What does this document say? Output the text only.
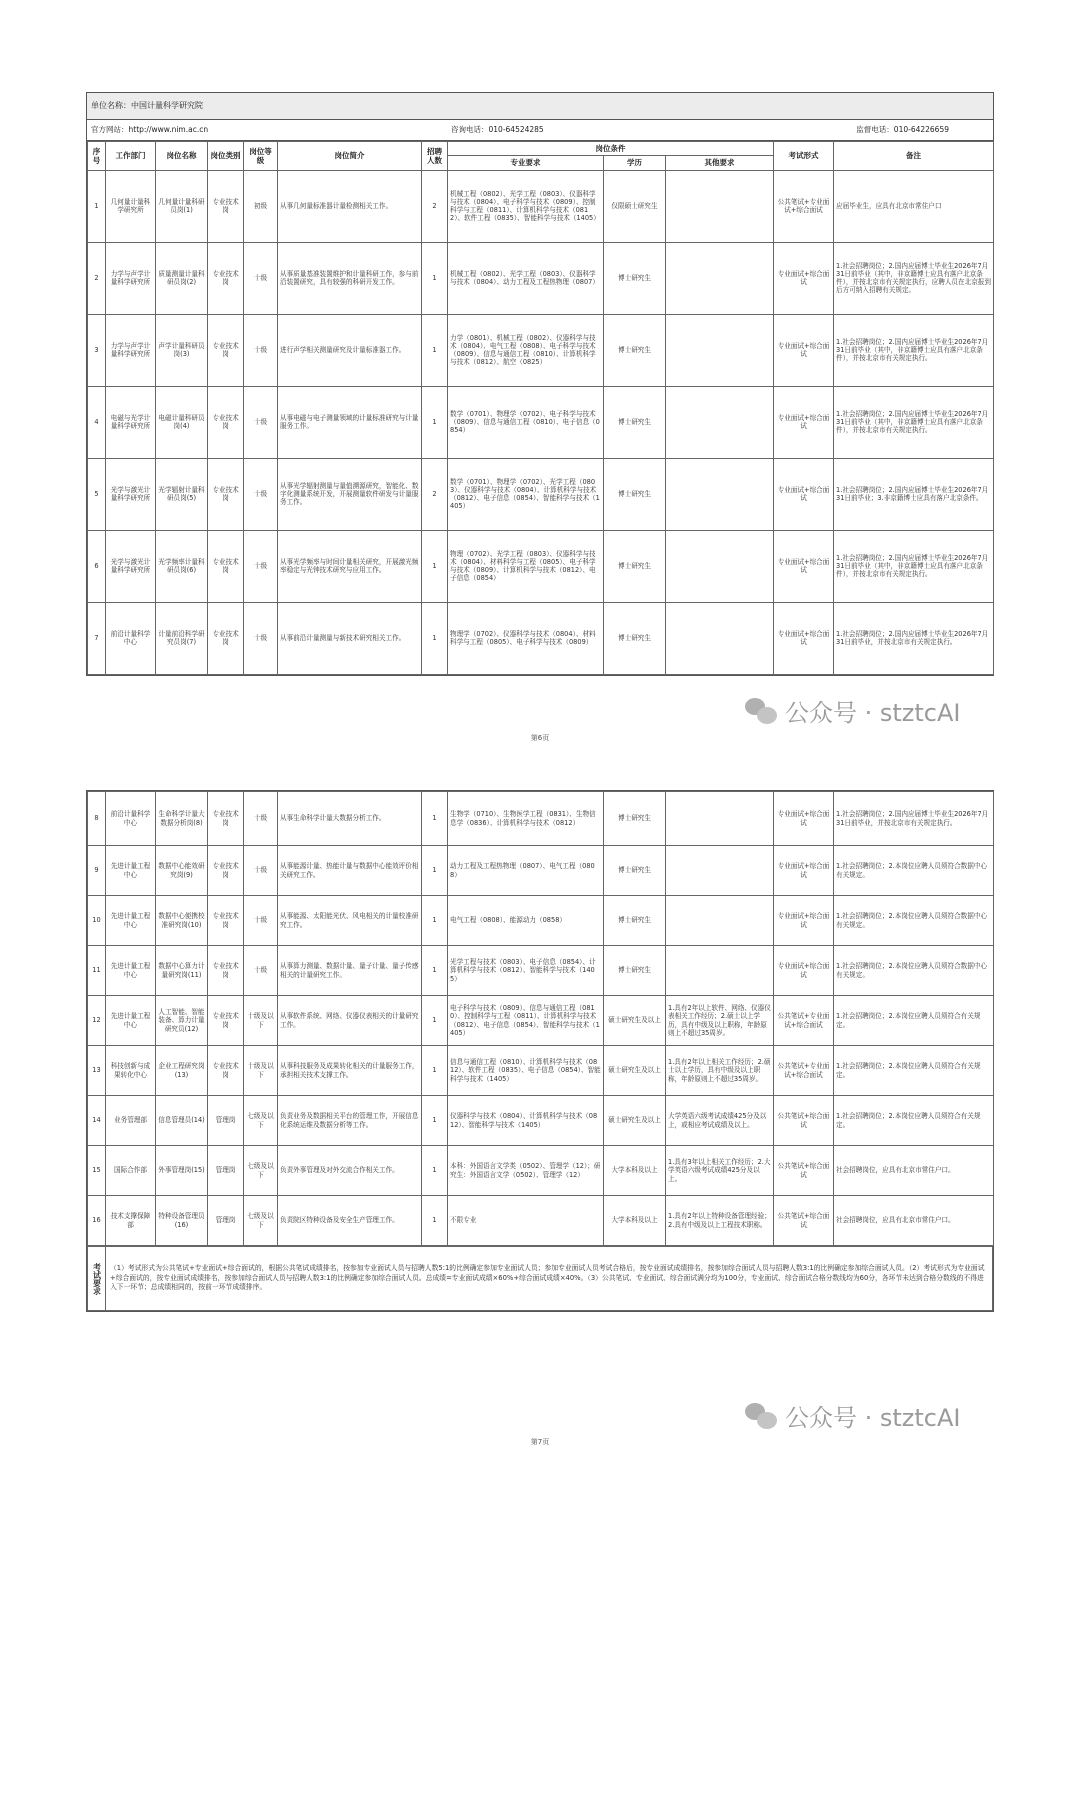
单位名称：中国计量科学研究院
官方网站：http://www.nim.ac.cn	咨询电话：010-64524285	监督电话：010-64226659
序号	工作部门	岗位名称	岗位类别	岗位等级	岗位简介	招聘人数	岗位条件			考试形式	备注
							专业要求	学历	其他要求		
1	几何量计量科学研究所	几何量计量科研员岗(1)	专业技术岗	初级	从事几何量标准器计量检测相关工作。	2	机械工程（0802）、光学工程（0803）、仪器科学与技术（0804）、电子科学与技术（0809）、控制科学与工程（0811）、计算机科学与技术（0812）、软件工程（0835）、智能科学与技术（1405）	仅限硕士研究生		公共笔试+专业面试+综合面试	应届毕业生，应具有北京市常住户口
2	力学与声学计量科学研究所	质量测量计量科研员岗(2)	专业技术岗	十级	从事质量基准装置维护和计量科研工作，参与前沿装置研究，具有较强的科研开发工作。	1	机械工程（0802）、光学工程（0803）、仪器科学与技术（0804）、动力工程及工程热物理（0807）	博士研究生		专业面试+综合面试	1.社会招聘岗位；2.国内应届博士毕业生2026年7月31日前毕业（其中，非京籍博士应具有落户北京条件），并按北京市有关规定执行，应聘人员在北京报到后方可纳入招聘有关规定。
3	力学与声学计量科学研究所	声学计量科研员岗(3)	专业技术岗	十级	进行声学相关测量研究及计量标准器工作。	1	力学（0801）、机械工程（0802）、仪器科学与技术（0804）、电气工程（0808）、电子科学与技术（0809）、信息与通信工程（0810）、计算机科学与技术（0812）、航空（0825）	博士研究生		专业面试+综合面试	1.社会招聘岗位；2.国内应届博士毕业生2026年7月31日前毕业（其中，非京籍博士应具有落户北京条件），并按北京市有关规定执行。
4	电磁与光学计量科学研究所	电磁计量科研员岗(4)	专业技术岗	十级	从事电磁与电子测量领域的计量标准研究与计量服务工作。	1	数学（0701）、物理学（0702）、电子科学与技术（0809）、信息与通信工程（0810）、电子信息（0854）	博士研究生		专业面试+综合面试	1.社会招聘岗位；2.国内应届博士毕业生2026年7月31日前毕业（其中，非京籍博士应具有落户北京条件），并按北京市有关规定执行。
5	光学与激光计量科学研究所	光学辐射计量科研员岗(5)	专业技术岗	十级	从事光学辐射测量与量值溯源研究，智能化、数字化测量系统开发，开展测量软件研发与计量服务工作。	2	数学（0701）、物理学（0702）、光学工程（0803）、仪器科学与技术（0804）、计算机科学与技术（0812）、电子信息（0854）、智能科学与技术（1405）	博士研究生		专业面试+综合面试	1.社会招聘岗位；2.国内应届博士毕业生2026年7月31日前毕业；3.非京籍博士应具有落户北京条件。
6	光学与激光计量科学研究所	光学频率计量科研员岗(6)	专业技术岗	十级	从事光学频率与时间计量相关研究，开展激光频率稳定与光钟技术研究与应用工作。	1	物理（0702）、光学工程（0803）、仪器科学与技术（0804）、材料科学与工程（0805）、电子科学与技术（0809）、计算机科学与技术（0812）、电子信息（0854）	博士研究生		专业面试+综合面试	1.社会招聘岗位；2.国内应届博士毕业生2026年7月31日前毕业（其中，非京籍博士应具有落户北京条件），并按北京市有关规定执行。
7	前沿计量科学中心	计量前沿科学研究员岗(7)	专业技术岗	十级	从事前沿计量测量与新技术研究相关工作。	1	物理学（0702）、仪器科学与技术（0804）、材料科学与工程（0805）、电子科学与技术（0809）	博士研究生		专业面试+综合面试	1.社会招聘岗位；2.国内应届博士毕业生2026年7月31日前毕业，并按北京市有关规定执行。
公众号 · stztcAI
第6页
8	前沿计量科学中心	生命科学计量大数据分析岗(8)	专业技术岗	十级	从事生命科学计量大数据分析工作。	1	生物学（0710）、生物医学工程（0831）、生物信息学（0836）、计算机科学与技术（0812）	博士研究生		专业面试+综合面试	1.社会招聘岗位；2.国内应届博士毕业生2026年7月31日前毕业，并按北京市有关规定执行。
9	先进计量工程中心	数据中心能效研究岗(9)	专业技术岗	十级	从事能源计量、热能计量与数据中心能效评价相关研究工作。	1	动力工程及工程热物理（0807）、电气工程（0808）	博士研究生		专业面试+综合面试	1.社会招聘岗位；2.本岗位应聘人员须符合数据中心有关规定。
10	先进计量工程中心	数据中心便携校准研究岗(10)	专业技术岗	十级	从事能源、太阳能光伏、风电相关的计量校准研究工作。	1	电气工程（0808）、能源动力（0858）	博士研究生		专业面试+综合面试	1.社会招聘岗位；2.本岗位应聘人员须符合数据中心有关规定。
11	先进计量工程中心	数据中心算力计量研究岗(11)	专业技术岗	十级	从事算力测量、数据计量、量子计量、量子传感相关的计量研究工作。	1	光学工程与技术（0803）、电子信息（0854）、计算机科学与技术（0812）、智能科学与技术（1405）	博士研究生		专业面试+综合面试	1.社会招聘岗位；2.本岗位应聘人员须符合数据中心有关规定。
12	先进计量工程中心	人工智能、智能装备、算力计量研究员(12)	专业技术岗	十级及以下	从事软件系统、网络、仪器仪表相关的计量研究工作。	1	电子科学与技术（0809）、信息与通信工程（0810）、控制科学与工程（0811）、计算机科学与技术（0812）、电子信息（0854）、智能科学与技术（1405）	硕士研究生及以上	1.具有2年以上软件、网络、仪器仪表相关工作经历；2.硕士以上学历，具有中级及以上职称，年龄原则上不超过35周岁。	公共笔试+专业面试+综合面试	1.社会招聘岗位；2.本岗位应聘人员须符合有关规定。
13	科技创新与成果转化中心	企业工程研究岗(13)	专业技术岗	十级及以下	从事科技服务及成果转化相关的计量服务工作，承担相关技术支撑工作。	1	信息与通信工程（0810）、计算机科学与技术（0812）、软件工程（0835）、电子信息（0854）、智能科学与技术（1405）	硕士研究生及以上	1.具有2年以上相关工作经历；2.硕士以上学历，具有中级及以上职称，年龄原则上不超过35周岁。	公共笔试+专业面试+综合面试	1.社会招聘岗位；2.本岗位应聘人员须符合有关规定。
14	业务管理部	信息管理员(14)	管理岗	七级及以下	负责业务及数据相关平台的管理工作，开展信息化系统运维及数据分析等工作。	1	仪器科学与技术（0804）、计算机科学与技术（0812）、智能科学与技术（1405）	硕士研究生及以上	大学英语六级考试成绩425分及以上，或相应考试成绩及以上。	公共笔试+综合面试	1.社会招聘岗位；2.本岗位应聘人员须符合有关规定。
15	国际合作部	外事管理岗(15)	管理岗	七级及以下	负责外事管理及对外交流合作相关工作。	1	本科：外国语言文学类（0502）、管理学（12）；研究生：外国语言文学（0502）、管理学（12）	大学本科及以上	1.具有3年以上相关工作经历；2.大学英语六级考试成绩425分及以上。	公共笔试+综合面试	社会招聘岗位，应具有北京市常住户口。
16	技术支撑保障部	特种设备管理员(16)	管理岗	七级及以下	负责院区特种设备及安全生产管理工作。	1	不限专业	大学本科及以上	1.具有2年以上特种设备管理经验；2.具有中级及以上工程技术职称。	公共笔试+综合面试	社会招聘岗位，应具有北京市常住户口。
考试要求	（1）考试形式为公共笔试+专业面试+综合面试的，根据公共笔试成绩排名，按参加专业面试人员与招聘人数5:1的比例确定参加专业面试人员；参加专业面试人员考试合格后，按专业面试成绩排名，按参加综合面试人员与招聘人数3:1的比例确定参加综合面试人员。（2）考试形式为专业面试+综合面试的，按专业面试成绩排名，按参加综合面试人员与招聘人数3:1的比例确定参加综合面试人员。总成绩=专业面试成绩×60%+综合面试成绩×40%。（3）公共笔试、专业面试、综合面试满分均为100分，专业面试、综合面试合格分数线均为60分，各环节未达到合格分数线的不得进入下一环节；总成绩相同的，按前一环节成绩排序。
公众号 · stztcAI
第7页
